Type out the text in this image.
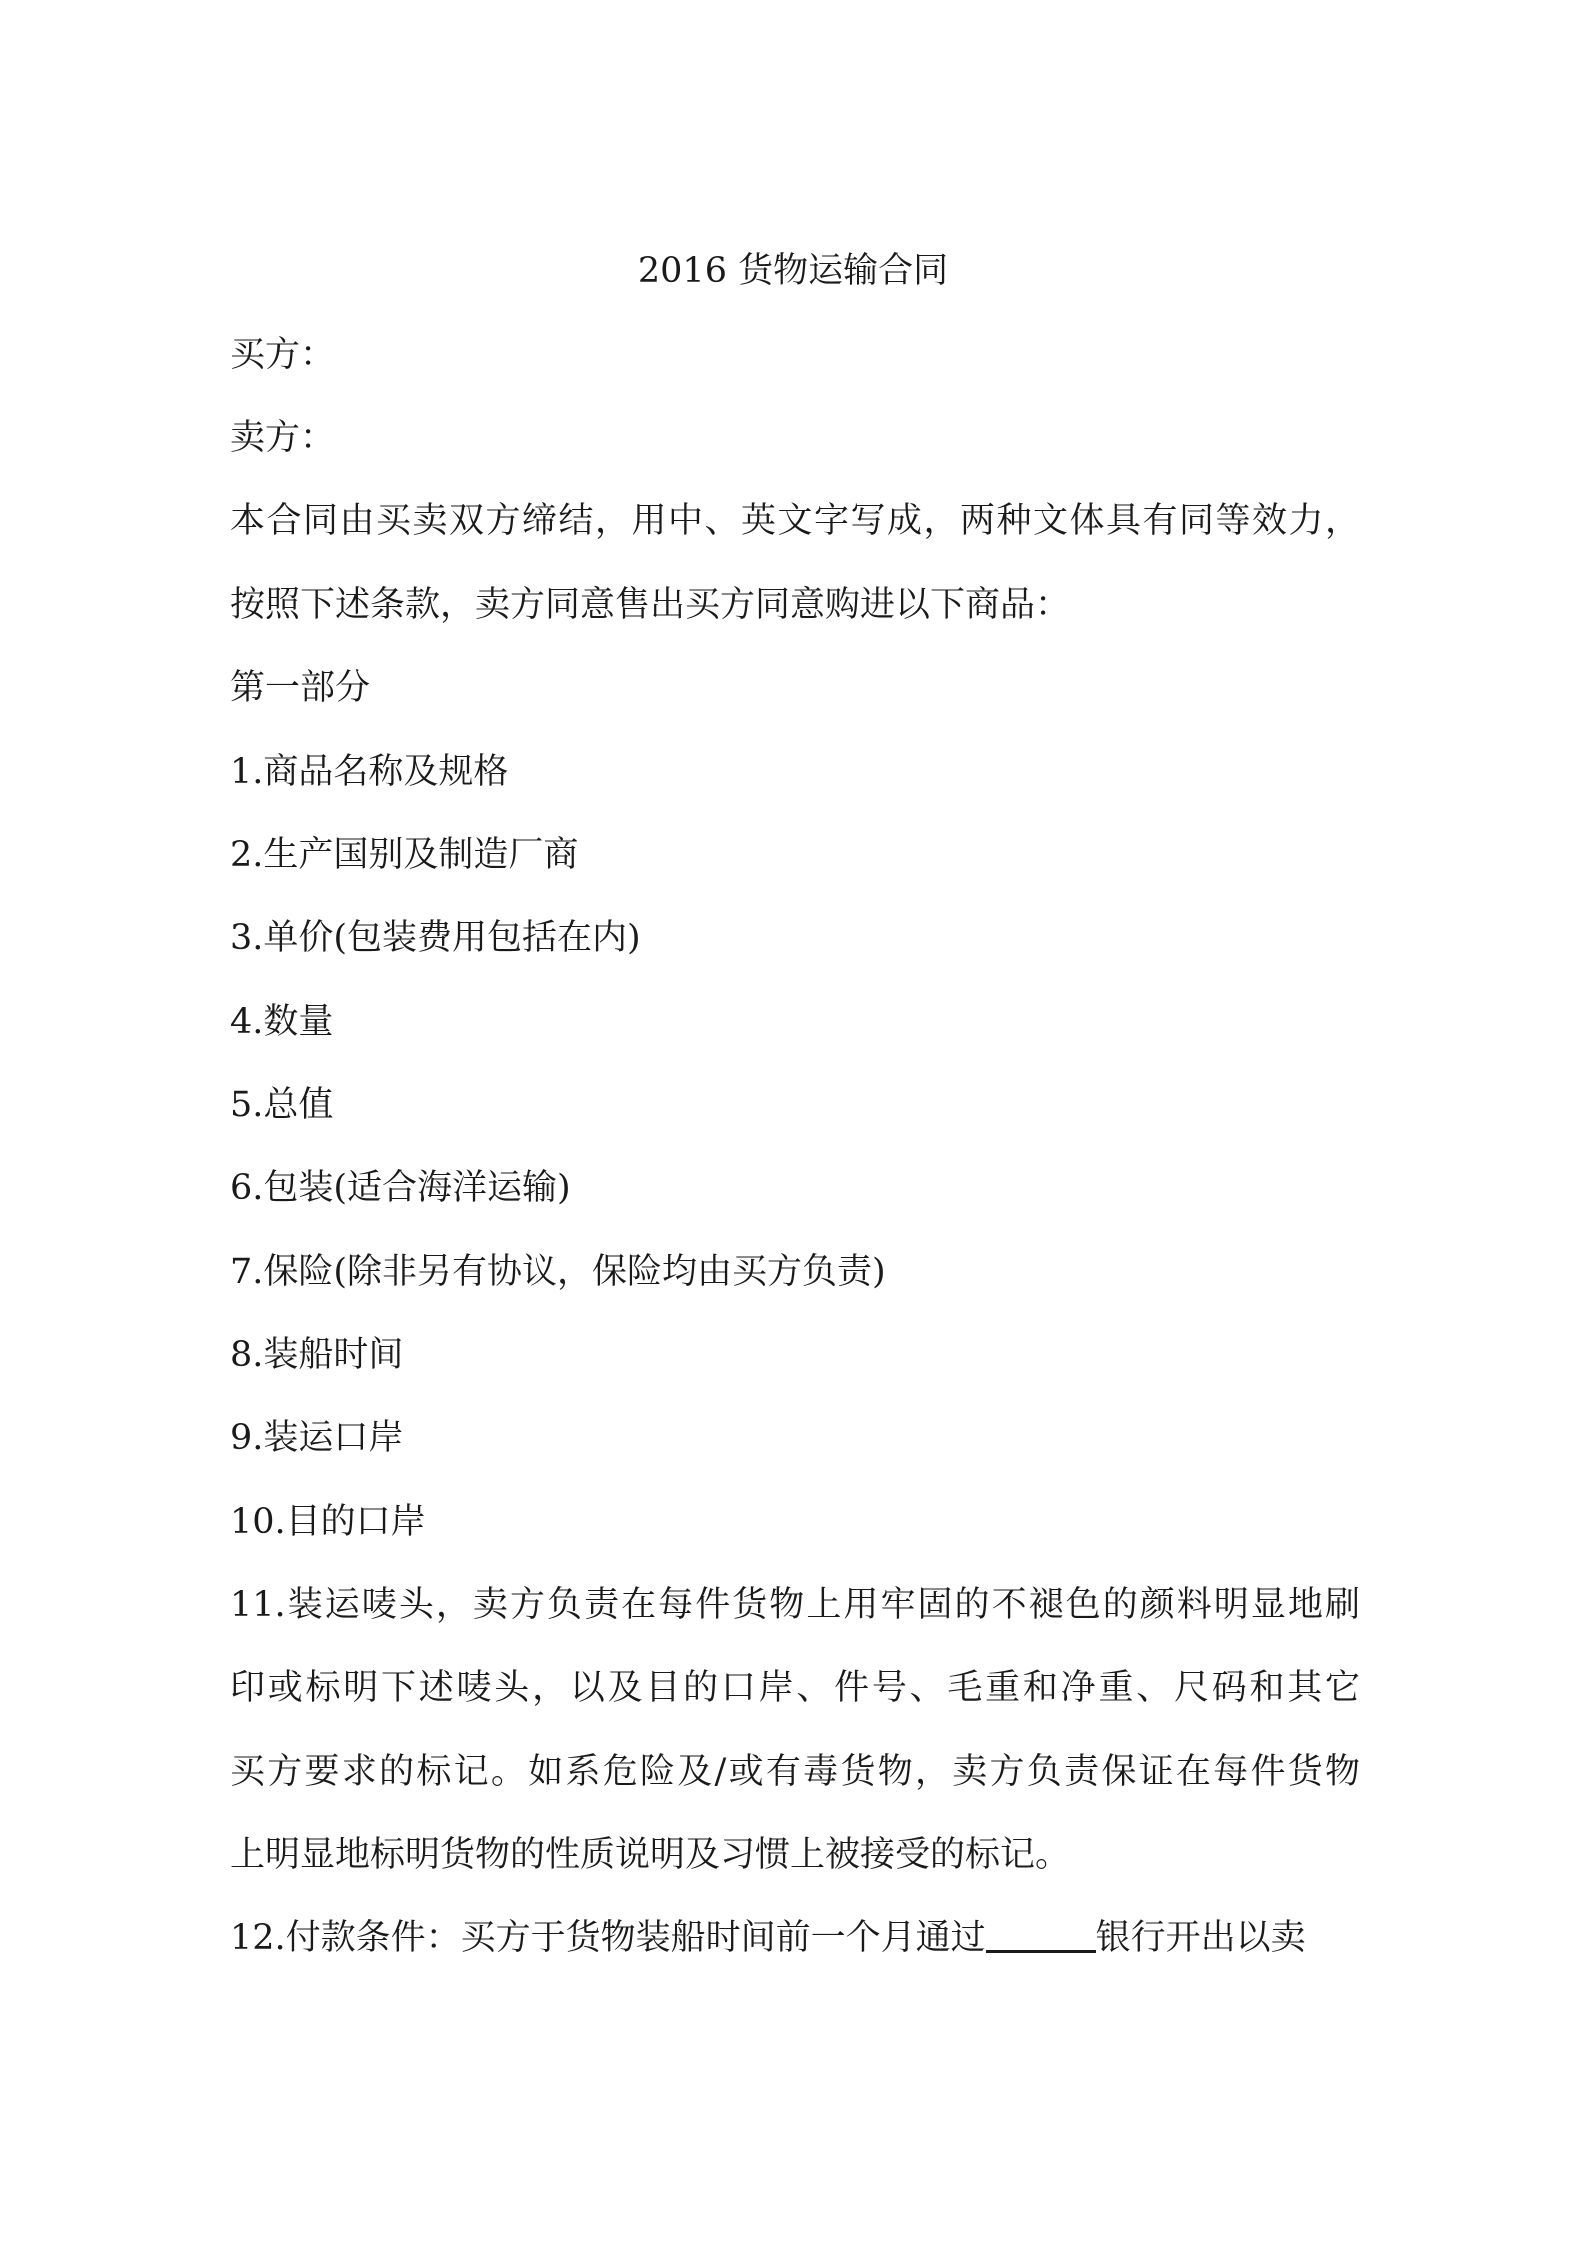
2016 货物运输合同
买方：
卖方：
本合同由买卖双方缔结，用中、英文字写成，两种文体具有同等效力，
按照下述条款，卖方同意售出买方同意购进以下商品：
第一部分
1.商品名称及规格
2.生产国别及制造厂商
3.单价(包装费用包括在内)
4.数量
5.总值
6.包装(适合海洋运输)
7.保险(除非另有协议，保险均由买方负责)
8.装船时间
9.装运口岸
10.目的口岸
11.装运唛头，卖方负责在每件货物上用牢固的不褪色的颜料明显地刷
印或标明下述唛头，以及目的口岸、件号、毛重和净重、尺码和其它
买方要求的标记。如系危险及/或有毒货物，卖方负责保证在每件货物
上明显地标明货物的性质说明及习惯上被接受的标记。
12.付款条件：买方于货物装船时间前一个月通过	银行开出以卖
